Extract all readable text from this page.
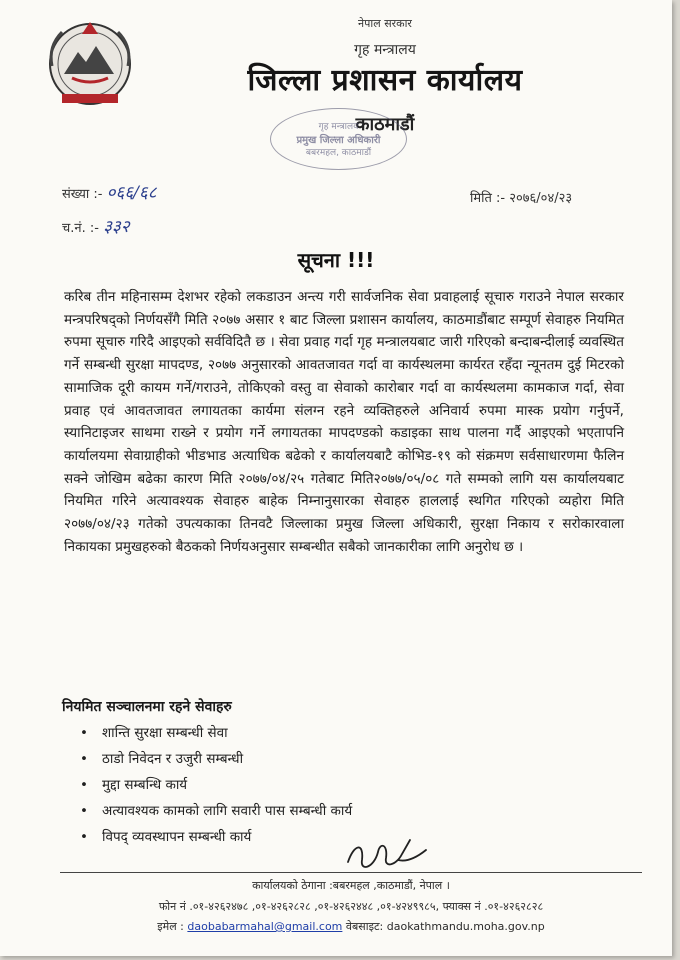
नेपाल सरकार
गृह मन्त्रालय
जिल्ला प्रशासन कार्यालय
काठमाडौं
गृह मन्त्रालय
प्रमुख जिल्ला अधिकारी
बबरमहल, काठमाडौं
संख्या :- ०६६/६८
च.नं. :- ३३२
मिति :- २०७६/०४/२३
सूचना !!!
करिब तीन महिनासम्म देशभर रहेको लकडाउन अन्त्य गरी सार्वजनिक सेवा प्रवाहलाई सूचारु गराउने नेपाल सरकार मन्त्रपरिषद्को निर्णयसँगै मिति २०७७ असार १ बाट जिल्ला प्रशासन कार्यालय, काठमाडौंबाट सम्पूर्ण सेवाहरु नियमित रुपमा सूचारु गरिदै आइएको सर्वविदितै छ । सेवा प्रवाह गर्दा गृह मन्त्रालयबाट जारी गरिएको बन्दाबन्दीलाई व्यवस्थित गर्ने सम्बन्धी सुरक्षा मापदण्ड, २०७७ अनुसारको आवतजावत गर्दा वा कार्यस्थलमा कार्यरत रहँदा न्यूनतम दुई मिटरको सामाजिक दूरी कायम गर्ने/गराउने, तोकिएको वस्तु वा सेवाको कारोबार गर्दा वा कार्यस्थलमा कामकाज गर्दा, सेवा प्रवाह एवं आवतजावत लगायतका कार्यमा संलग्न रहने व्यक्तिहरुले अनिवार्य रुपमा मास्क प्रयोग गर्नुपर्ने, स्यानिटाइजर साथमा राख्ने र प्रयोग गर्ने लगायतका मापदण्डको कडाइका साथ पालना गर्दै आइएको भएतापनि कार्यालयमा सेवाग्राहीको भीडभाड अत्याधिक बढेको र कार्यालयबाटै कोभिड-१९ को संक्रमण सर्वसाधारणमा फैलिन सक्ने जोखिम बढेका कारण मिति २०७७/०४/२५ गतेबाट मिति२०७७/०५/०८ गते सम्मको लागि यस कार्यालयबाट नियमित गरिने अत्यावश्यक सेवाहरु बाहेक निम्नानुसारका सेवाहरु हाललाई स्थगित गरिएको व्यहोरा मिति २०७७/०४/२३ गतेको उपत्यकाका तिनवटै जिल्लाका प्रमुख जिल्ला अधिकारी, सुरक्षा निकाय र सरोकारवाला निकायका प्रमुखहरुको बैठकको निर्णयअनुसार सम्बन्धीत सबैको जानकारीका लागि अनुरोध छ ।
नियमित सञ्चालनमा रहने सेवाहरु
• शान्ति सुरक्षा सम्बन्धी सेवा
• ठाडो निवेदन र उजुरी सम्बन्धी
• मुद्दा सम्बन्धि कार्य
• अत्यावश्यक कामको लागि सवारी पास सम्बन्धी कार्य
• विपद् व्यवस्थापन सम्बन्धी कार्य
कार्यालयको ठेगाना :बबरमहल ,काठमाडौं, नेपाल ।
फोन नं .०१-४२६२४७८ ,०१-४२६२८२८ ,०१-४२६२४४८ ,०१-४२४९९८५, फ्याक्स नं .०१-४२६२८२८
इमेल : daobabarmahal@gmail.com वेबसाइट: daokathmandu.moha.gov.np
